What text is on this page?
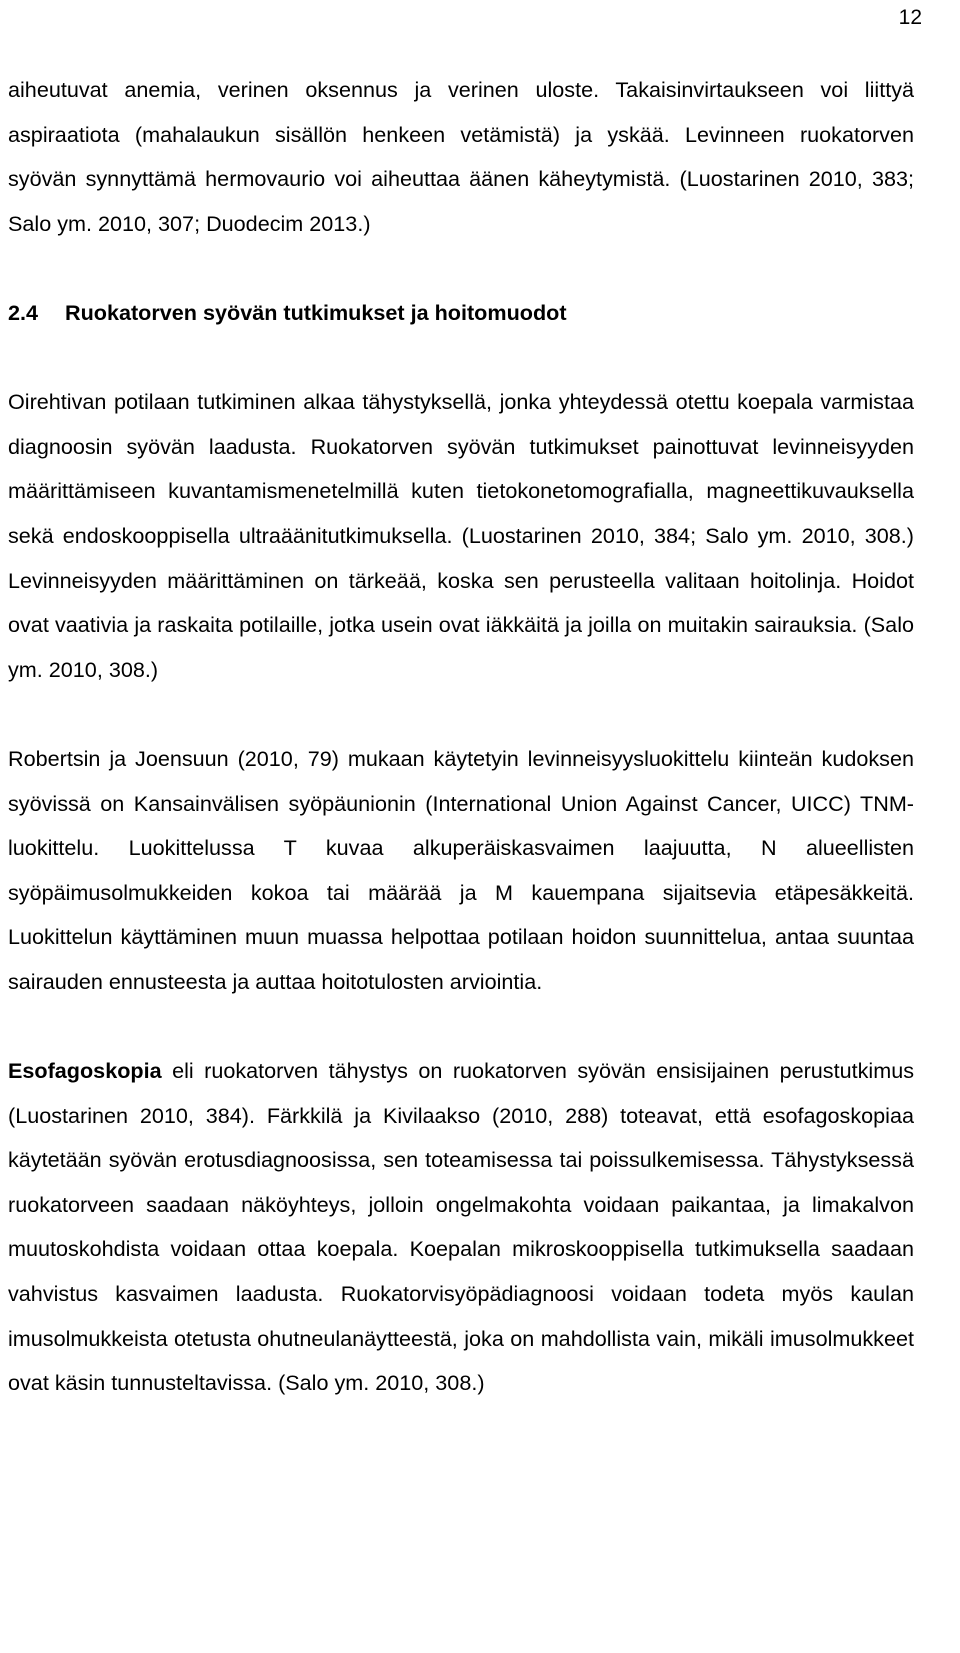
12

aiheutuvat anemia, verinen oksennus ja verinen uloste. Takaisinvirtaukseen voi liittyä aspiraatiota (mahalaukun sisällön henkeen vetämistä) ja yskää. Levinneen ruokatorven syövän synnyttämä hermovaurio voi aiheuttaa äänen käheytymistä. (Luostarinen 2010, 383; Salo ym. 2010, 307; Duodecim 2013.)

2.4 Ruokatorven syövän tutkimukset ja hoitomuodot

Oirehtivan potilaan tutkiminen alkaa tähystyksellä, jonka yhteydessä otettu koepala varmistaa diagnoosin syövän laadusta. Ruokatorven syövän tutkimukset painottuvat levinneisyyden määrittämiseen kuvantamismenetelmillä kuten tietokonetomografialla, magneettikuvauksella sekä endoskooppisella ultraäänitutkimuksella. (Luostarinen 2010, 384; Salo ym. 2010, 308.) Levinneisyyden määrittäminen on tärkeää, koska sen perusteella valitaan hoitolinja. Hoidot ovat vaativia ja raskaita potilaille, jotka usein ovat iäkkäitä ja joilla on muitakin sairauksia. (Salo ym. 2010, 308.)

Robertsin ja Joensuun (2010, 79) mukaan käytetyin levinneisyysluokittelu kiinteän kudoksen syövissä on Kansainvälisen syöpäunionin (International Union Against Cancer, UICC) TNM-luokittelu. Luokittelussa T kuvaa alkuperäiskasvaimen laajuutta, N alueellisten syöpäimusolmukkeiden kokoa tai määrää ja M kauempana sijaitsevia etäpesäkkeitä. Luokittelun käyttäminen muun muassa helpottaa potilaan hoidon suunnittelua, antaa suuntaa sairauden ennusteesta ja auttaa hoitotulosten arviointia.

Esofagoskopia eli ruokatorven tähystys on ruokatorven syövän ensisijainen perustutkimus (Luostarinen 2010, 384). Färkkilä ja Kivilaakso (2010, 288) toteavat, että esofagoskopiaa käytetään syövän erotusdiagnoosissa, sen toteamisessa tai poissulkemisessa. Tähystyksessä ruokatorveen saadaan näköyhteys, jolloin ongelmakohta voidaan paikantaa, ja limakalvon muutoskohdista voidaan ottaa koepala. Koepalan mikroskooppisella tutkimuksella saadaan vahvistus kasvaimen laadusta. Ruokatorvisyöpädiagnoosi voidaan todeta myös kaulan imusolmukkeista otetusta ohutneulanäytteestä, joka on mahdollista vain, mikäli imusolmukkeet ovat käsin tunnusteltavissa. (Salo ym. 2010, 308.)
